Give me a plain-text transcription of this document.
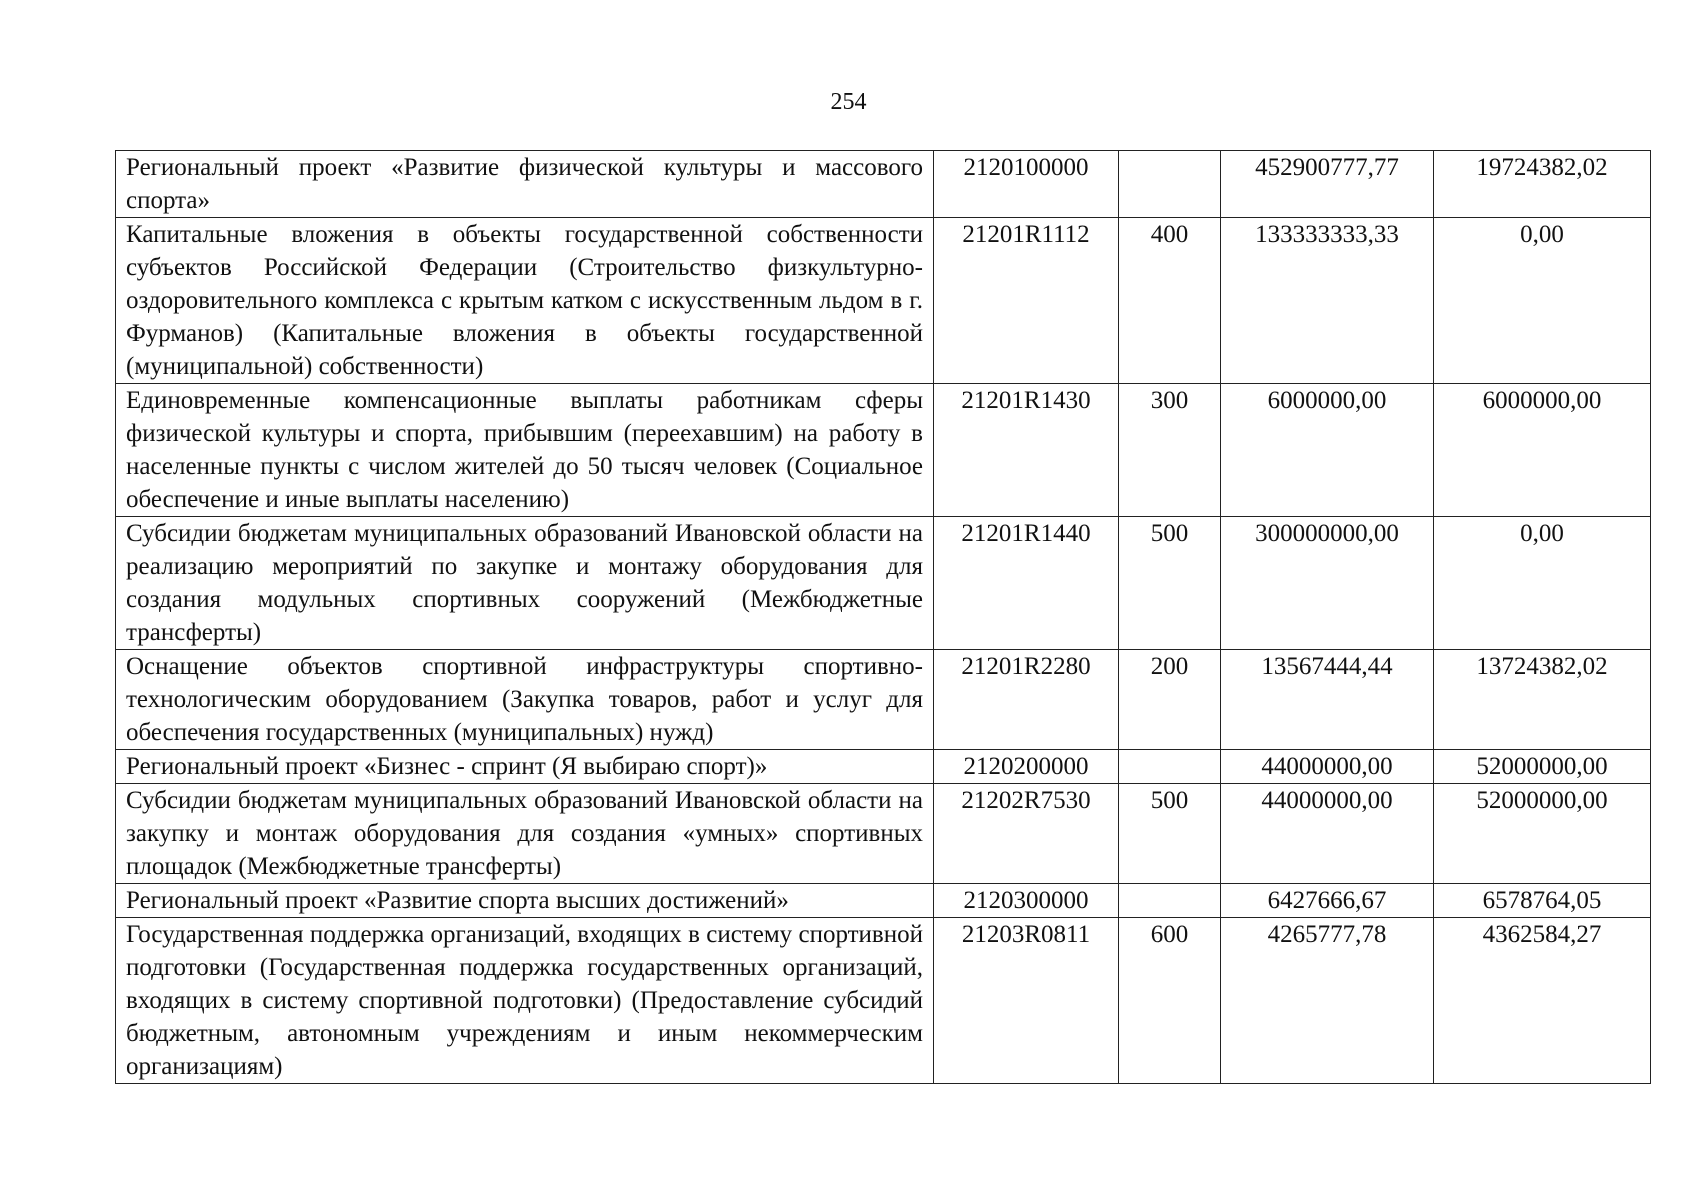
254
Региональный проект «Развитие физической культуры и массового спорта»	2120100000		452900777,77	19724382,02
Капитальные вложения в объекты государственной собственности субъектов Российской Федерации (Строительство физкультурно-оздоровительного комплекса с крытым катком с искусственным льдом в г. Фурманов) (Капитальные вложения в объекты государственной (муниципальной) собственности)	21201R1112	400	133333333,33	0,00
Единовременные компенсационные выплаты работникам сферы физической культуры и спорта, прибывшим (переехавшим) на работу в населенные пункты с числом жителей до 50 тысяч человек (Социальное обеспечение и иные выплаты населению)	21201R1430	300	6000000,00	6000000,00
Субсидии бюджетам муниципальных образований Ивановской области на реализацию мероприятий по закупке и монтажу оборудования для создания модульных спортивных сооружений (Межбюджетные трансферты)	21201R1440	500	300000000,00	0,00
Оснащение объектов спортивной инфраструктуры спортивно-технологическим оборудованием (Закупка товаров, работ и услуг для обеспечения государственных (муниципальных) нужд)	21201R2280	200	13567444,44	13724382,02
Региональный проект «Бизнес - спринт (Я выбираю спорт)»	2120200000		44000000,00	52000000,00
Субсидии бюджетам муниципальных образований Ивановской области на закупку и монтаж оборудования для создания «умных» спортивных площадок (Межбюджетные трансферты)	21202R7530	500	44000000,00	52000000,00
Региональный проект «Развитие спорта высших достижений»	2120300000		6427666,67	6578764,05
Государственная поддержка организаций, входящих в систему спортивной подготовки (Государственная поддержка государственных организаций, входящих в систему спортивной подготовки) (Предоставление субсидий бюджетным, автономным учреждениям и иным некоммерческим организациям)	21203R0811	600	4265777,78	4362584,27
